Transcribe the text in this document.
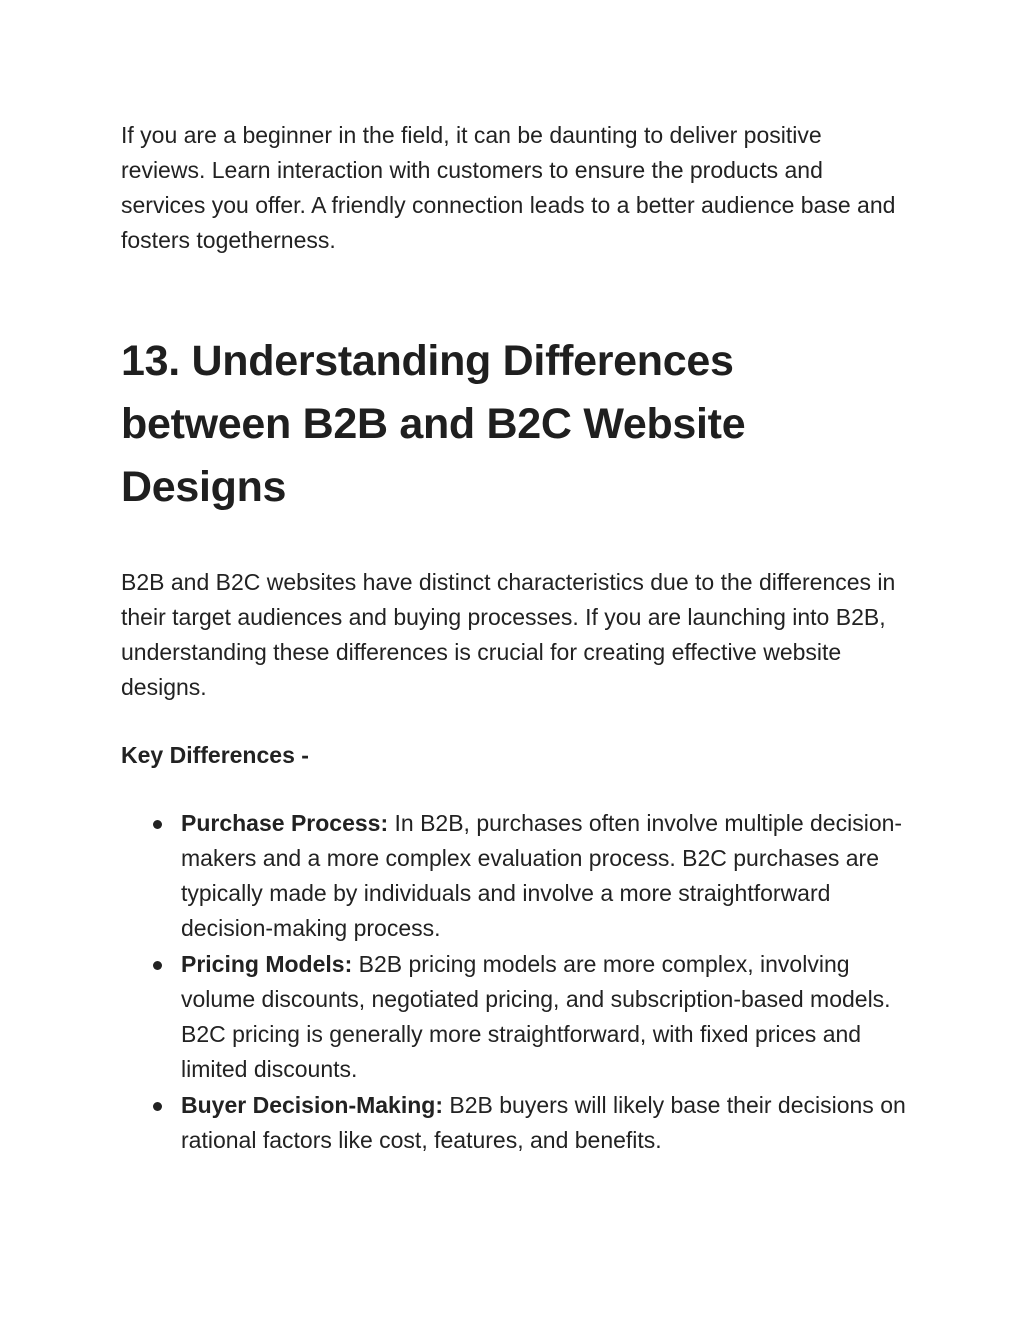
If you are a beginner in the field, it can be daunting to deliver positive reviews. Learn interaction with customers to ensure the products and services you offer. A friendly connection leads to a better audience base and fosters togetherness.

13. Understanding Differences between B2B and B2C Website Designs

B2B and B2C websites have distinct characteristics due to the differences in their target audiences and buying processes. If you are launching into B2B, understanding these differences is crucial for creating effective website designs.

Key Differences -

Purchase Process: In B2B, purchases often involve multiple decision-makers and a more complex evaluation process. B2C purchases are typically made by individuals and involve a more straightforward decision-making process.
Pricing Models: B2B pricing models are more complex, involving volume discounts, negotiated pricing, and subscription-based models. B2C pricing is generally more straightforward, with fixed prices and limited discounts.
Buyer Decision-Making: B2B buyers will likely base their decisions on rational factors like cost, features, and benefits.
